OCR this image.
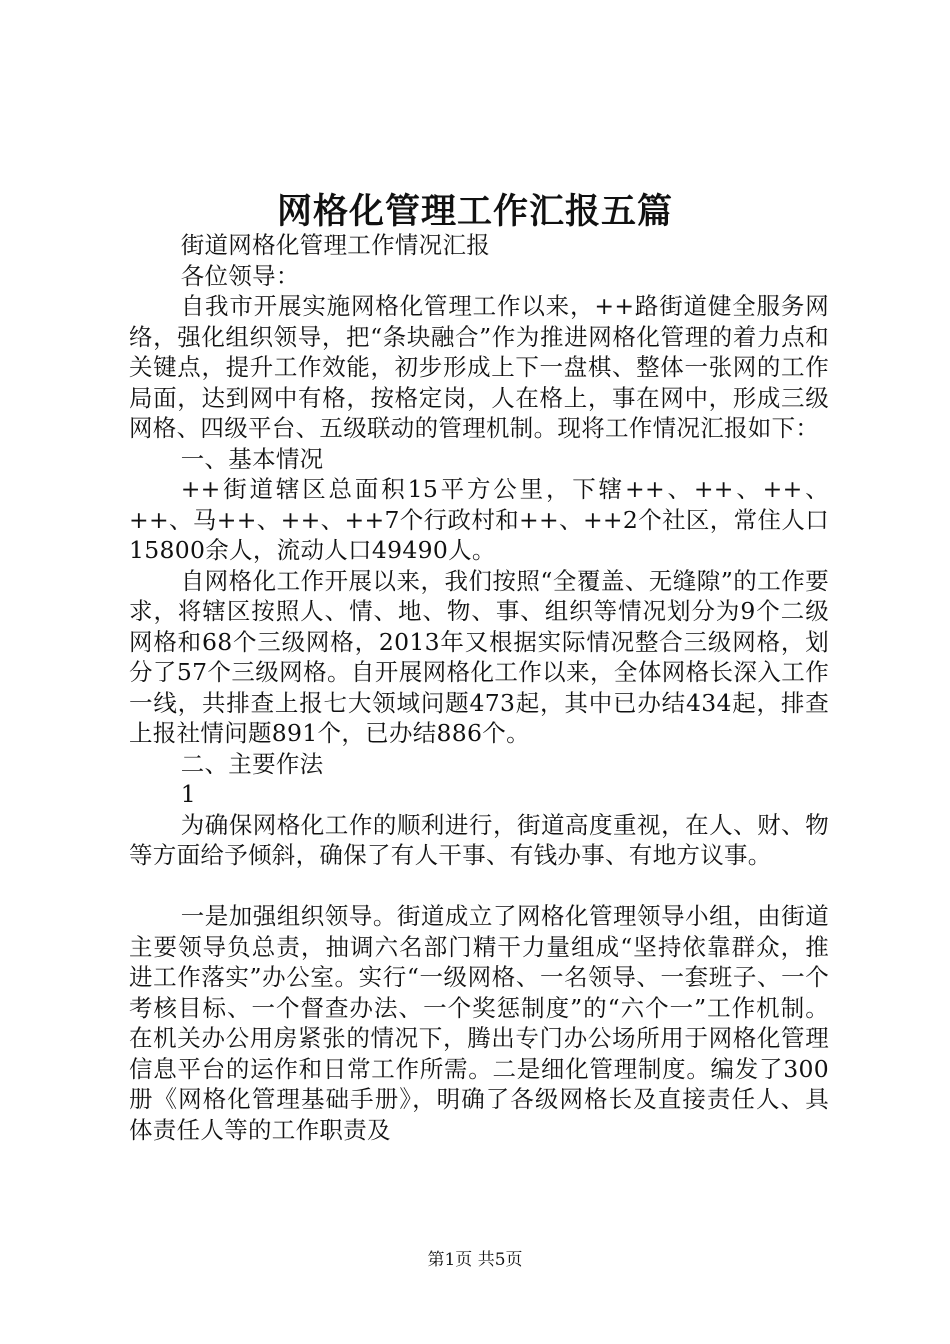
网格化管理工作汇报五篇

街道网格化管理工作情况汇报

各位领导：

自我市开展实施网格化管理工作以来，++路街道健全服务网络，强化组织领导，把“条块融合”作为推进网格化管理的着力点和关键点，提升工作效能，初步形成上下一盘棋、整体一张网的工作局面，达到网中有格，按格定岗，人在格上，事在网中，形成三级网格、四级平台、五级联动的管理机制。现将工作情况汇报如下：

一、基本情况

++街道辖区总面积15平方公里，下辖++、++、++、++、马++、++、++7个行政村和++、++2个社区，常住人口15800余人，流动人口49490人。

自网格化工作开展以来，我们按照“全覆盖、无缝隙”的工作要求，将辖区按照人、情、地、物、事、组织等情况划分为9个二级网格和68个三级网格，2013年又根据实际情况整合三级网格，划分了57个三级网格。自开展网格化工作以来，全体网格长深入工作一线，共排查上报七大领域问题473起，其中已办结434起，排查上报社情问题891个，已办结886个。

二、主要作法

1

为确保网格化工作的顺利进行，街道高度重视，在人、财、物等方面给予倾斜，确保了有人干事、有钱办事、有地方议事。

一是加强组织领导。街道成立了网格化管理领导小组，由街道主要领导负总责，抽调六名部门精干力量组成“坚持依靠群众，推进工作落实”办公室。实行“一级网格、一名领导、一套班子、一个考核目标、一个督查办法、一个奖惩制度”的“六个一”工作机制。在机关办公用房紧张的情况下，腾出专门办公场所用于网格化管理信息平台的运作和日常工作所需。二是细化管理制度。编发了300册《网格化管理基础手册》，明确了各级网格长及直接责任人、具体责任人等的工作职责及

第1页 共5页
